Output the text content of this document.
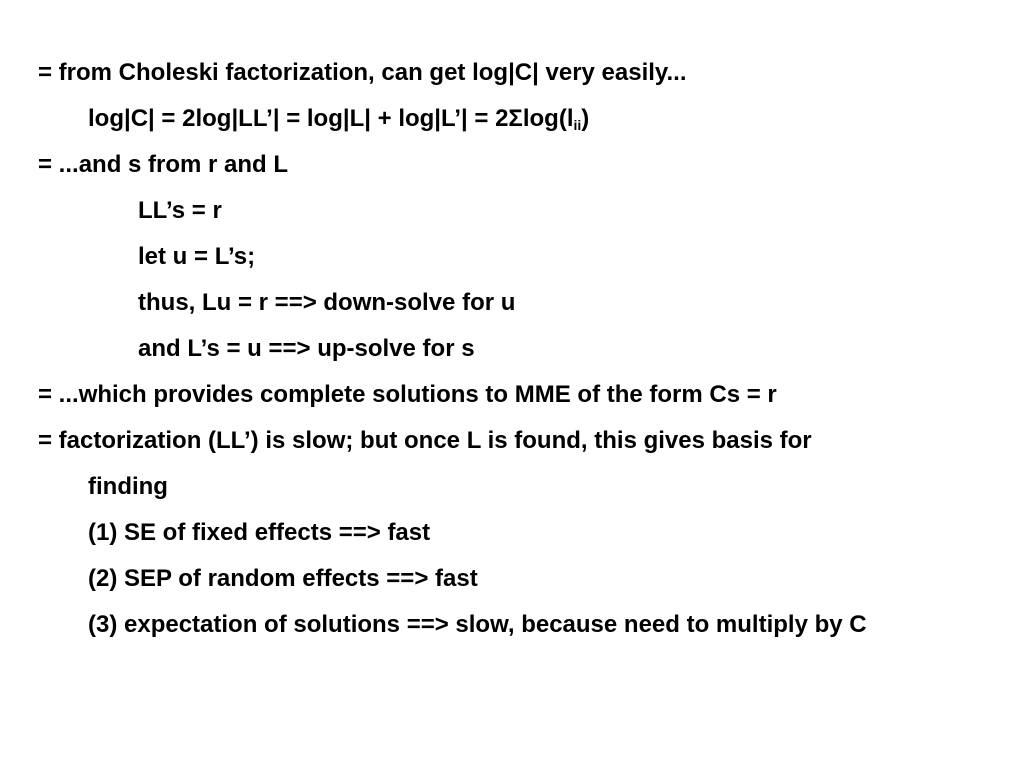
= from Choleski factorization, can get log|C| very easily...

log|C| = 2log|LL’| = log|L| + log|L’| = $2\Sigma\log(l_{ii})$

= ...and s from r and L

LL’s = r

let u = L’s;

thus, Lu = r ==> down-solve for u

and L’s = u ==> up-solve for s

= ...which provides complete solutions to MME of the form Cs = r

= factorization (LL’) is slow; but once L is found, this gives basis for

finding

(1) SE of fixed effects ==> fast

(2) SEP of random effects ==> fast

(3) expectation of solutions ==> slow, because need to multiply by C
